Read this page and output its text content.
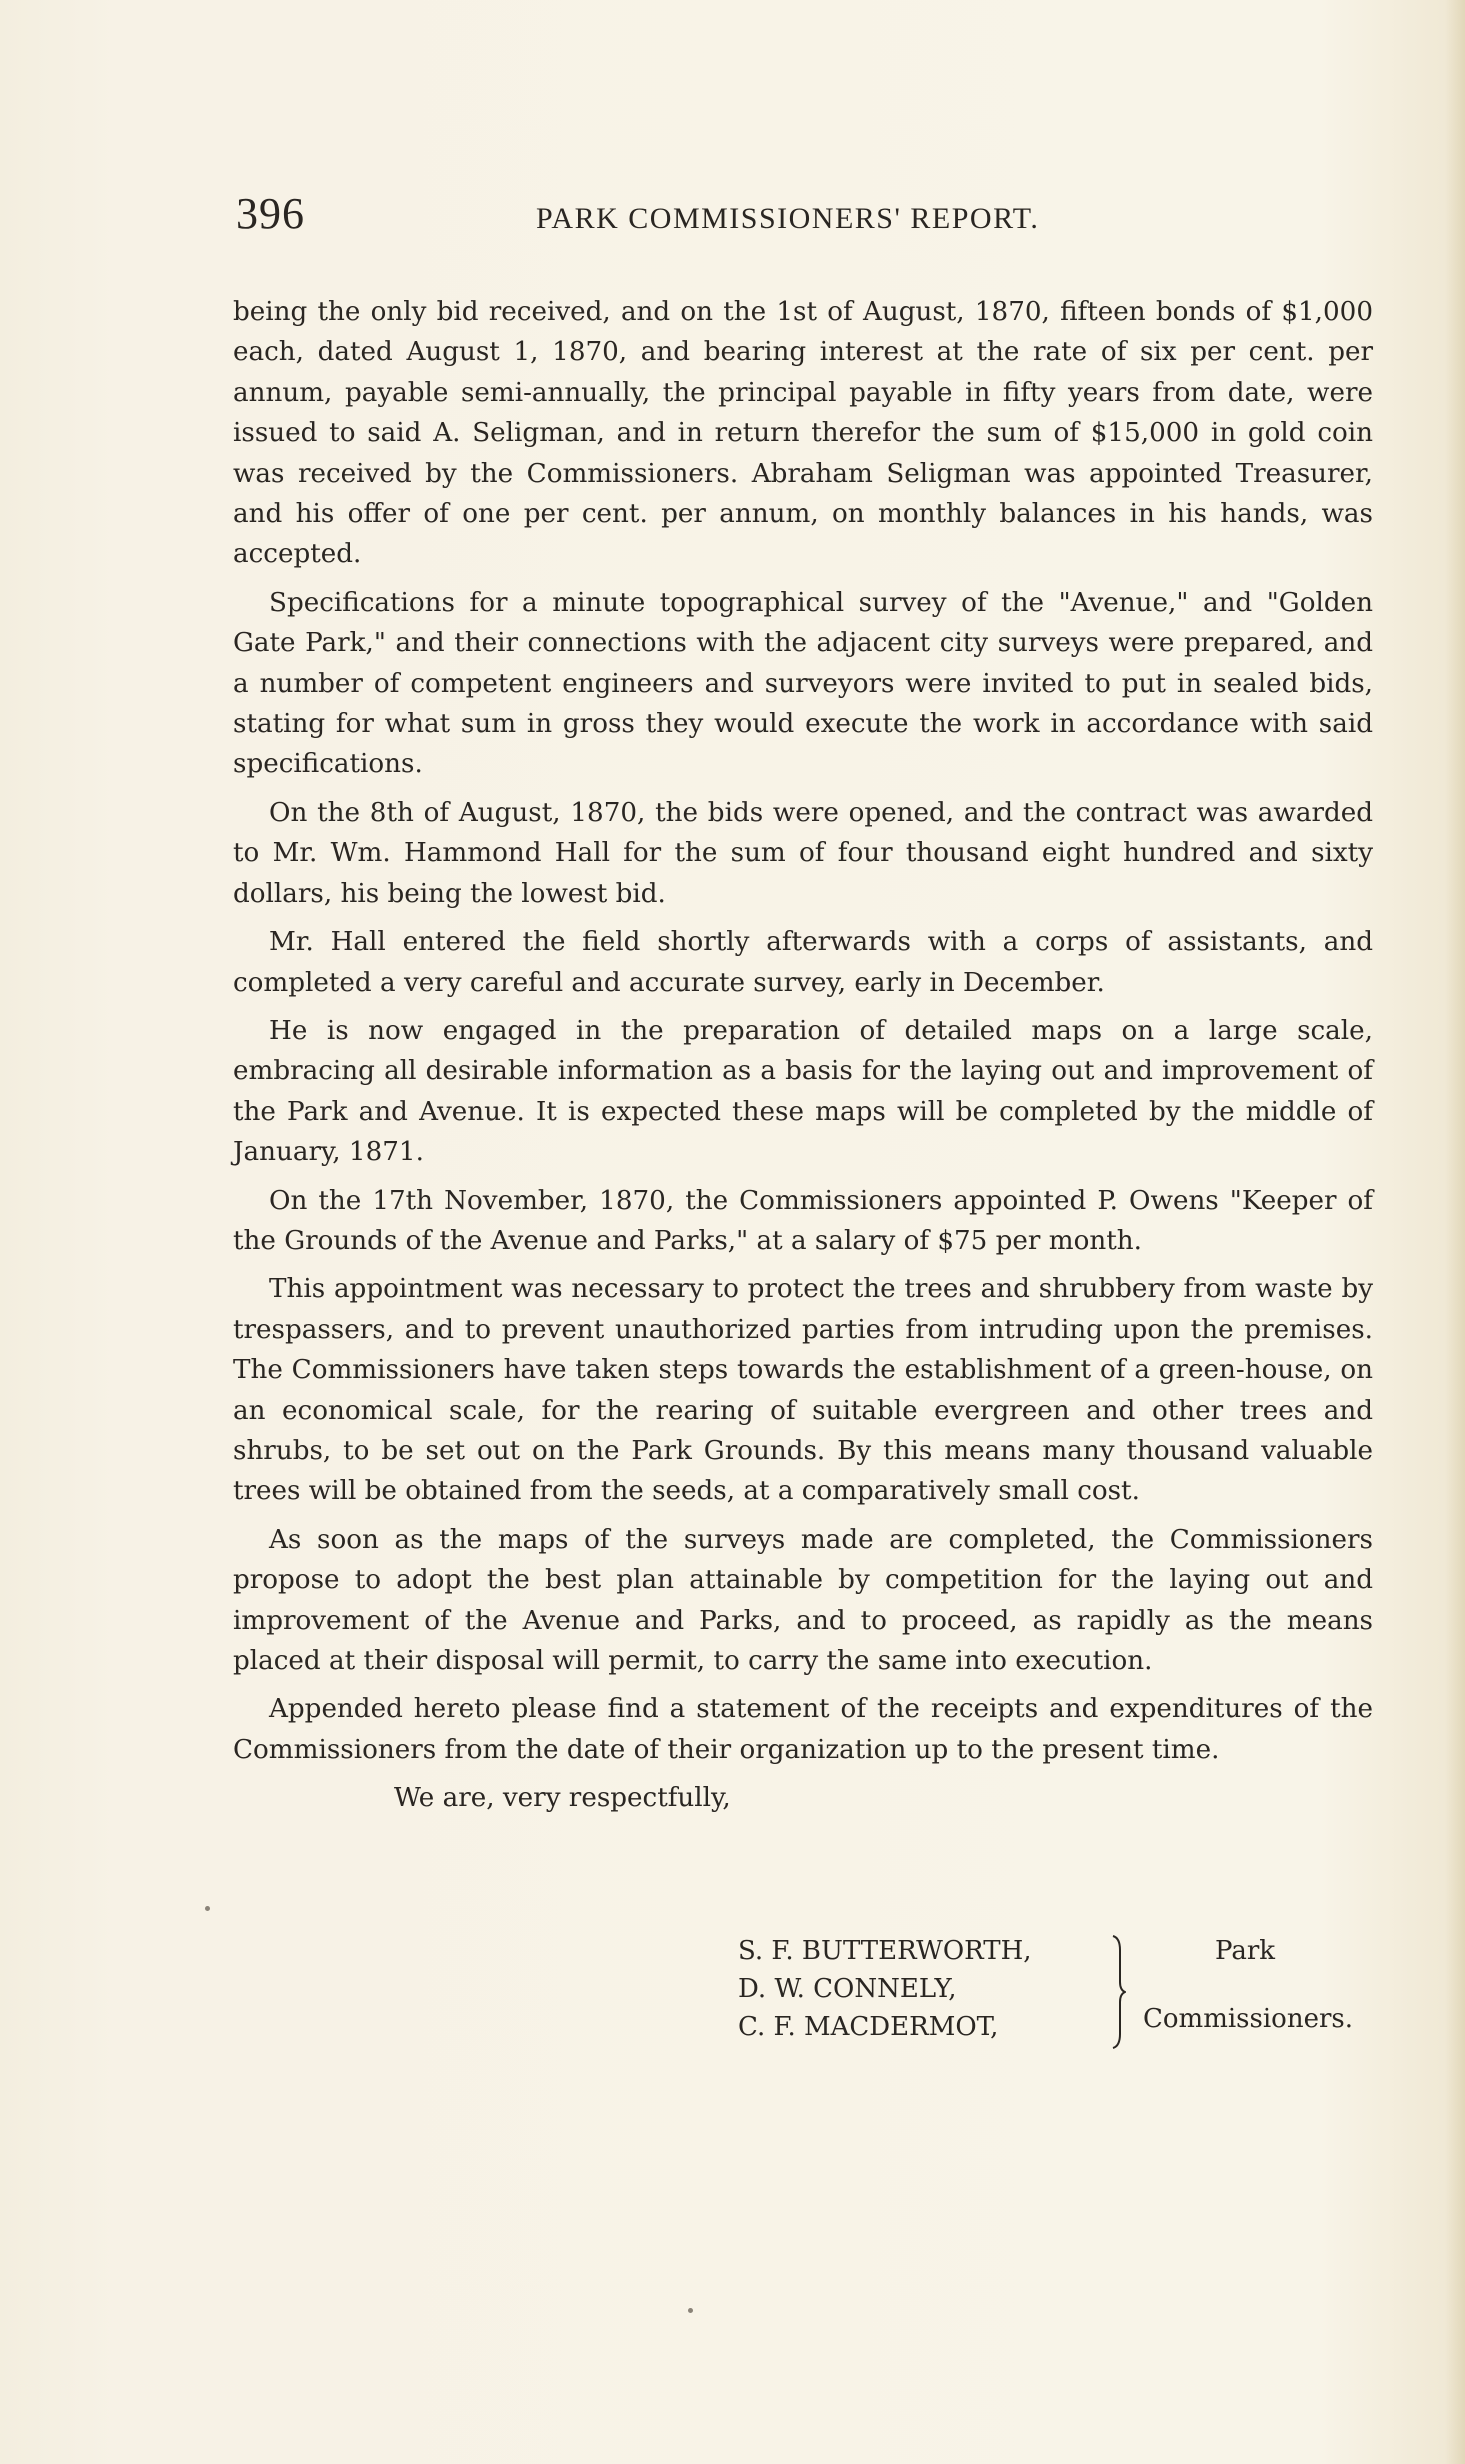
396	PARK COMMISSIONERS' REPORT.

being the only bid received, and on the 1st of August, 1870, fifteen bonds of $1,000 each, dated August 1, 1870, and bearing interest at the rate of six per cent. per annum, payable semi-annually, the principal payable in fifty years from date, were issued to said A. Seligman, and in return therefor the sum of $15,000 in gold coin was received by the Commissioners. Abraham Seligman was appointed Treasurer, and his offer of one per cent. per annum, on monthly balances in his hands, was accepted.

Specifications for a minute topographical survey of the "Avenue," and "Golden Gate Park," and their connections with the adjacent city surveys were prepared, and a number of competent engineers and surveyors were invited to put in sealed bids, stating for what sum in gross they would execute the work in accordance with said specifications.

On the 8th of August, 1870, the bids were opened, and the contract was awarded to Mr. Wm. Hammond Hall for the sum of four thousand eight hundred and sixty dollars, his being the lowest bid.

Mr. Hall entered the field shortly afterwards with a corps of assistants, and completed a very careful and accurate survey, early in December.

He is now engaged in the preparation of detailed maps on a large scale, embracing all desirable information as a basis for the laying out and improvement of the Park and Avenue. It is expected these maps will be completed by the middle of January, 1871.

On the 17th November, 1870, the Commissioners appointed P. Owens "Keeper of the Grounds of the Avenue and Parks," at a salary of $75 per month.

This appointment was necessary to protect the trees and shrubbery from waste by trespassers, and to prevent unauthorized parties from intruding upon the premises. The Commissioners have taken steps towards the establishment of a green-house, on an economical scale, for the rearing of suitable evergreen and other trees and shrubs, to be set out on the Park Grounds. By this means many thousand valuable trees will be obtained from the seeds, at a comparatively small cost.

As soon as the maps of the surveys made are completed, the Commissioners propose to adopt the best plan attainable by competition for the laying out and improvement of the Avenue and Parks, and to proceed, as rapidly as the means placed at their disposal will permit, to carry the same into execution.

Appended hereto please find a statement of the receipts and expenditures of the Commissioners from the date of their organization up to the present time.

We are, very respectfully,

S. F. BUTTERWORTH,
D. W. CONNELY,
C. F. MACDERMOT,
Park
Commissioners.
